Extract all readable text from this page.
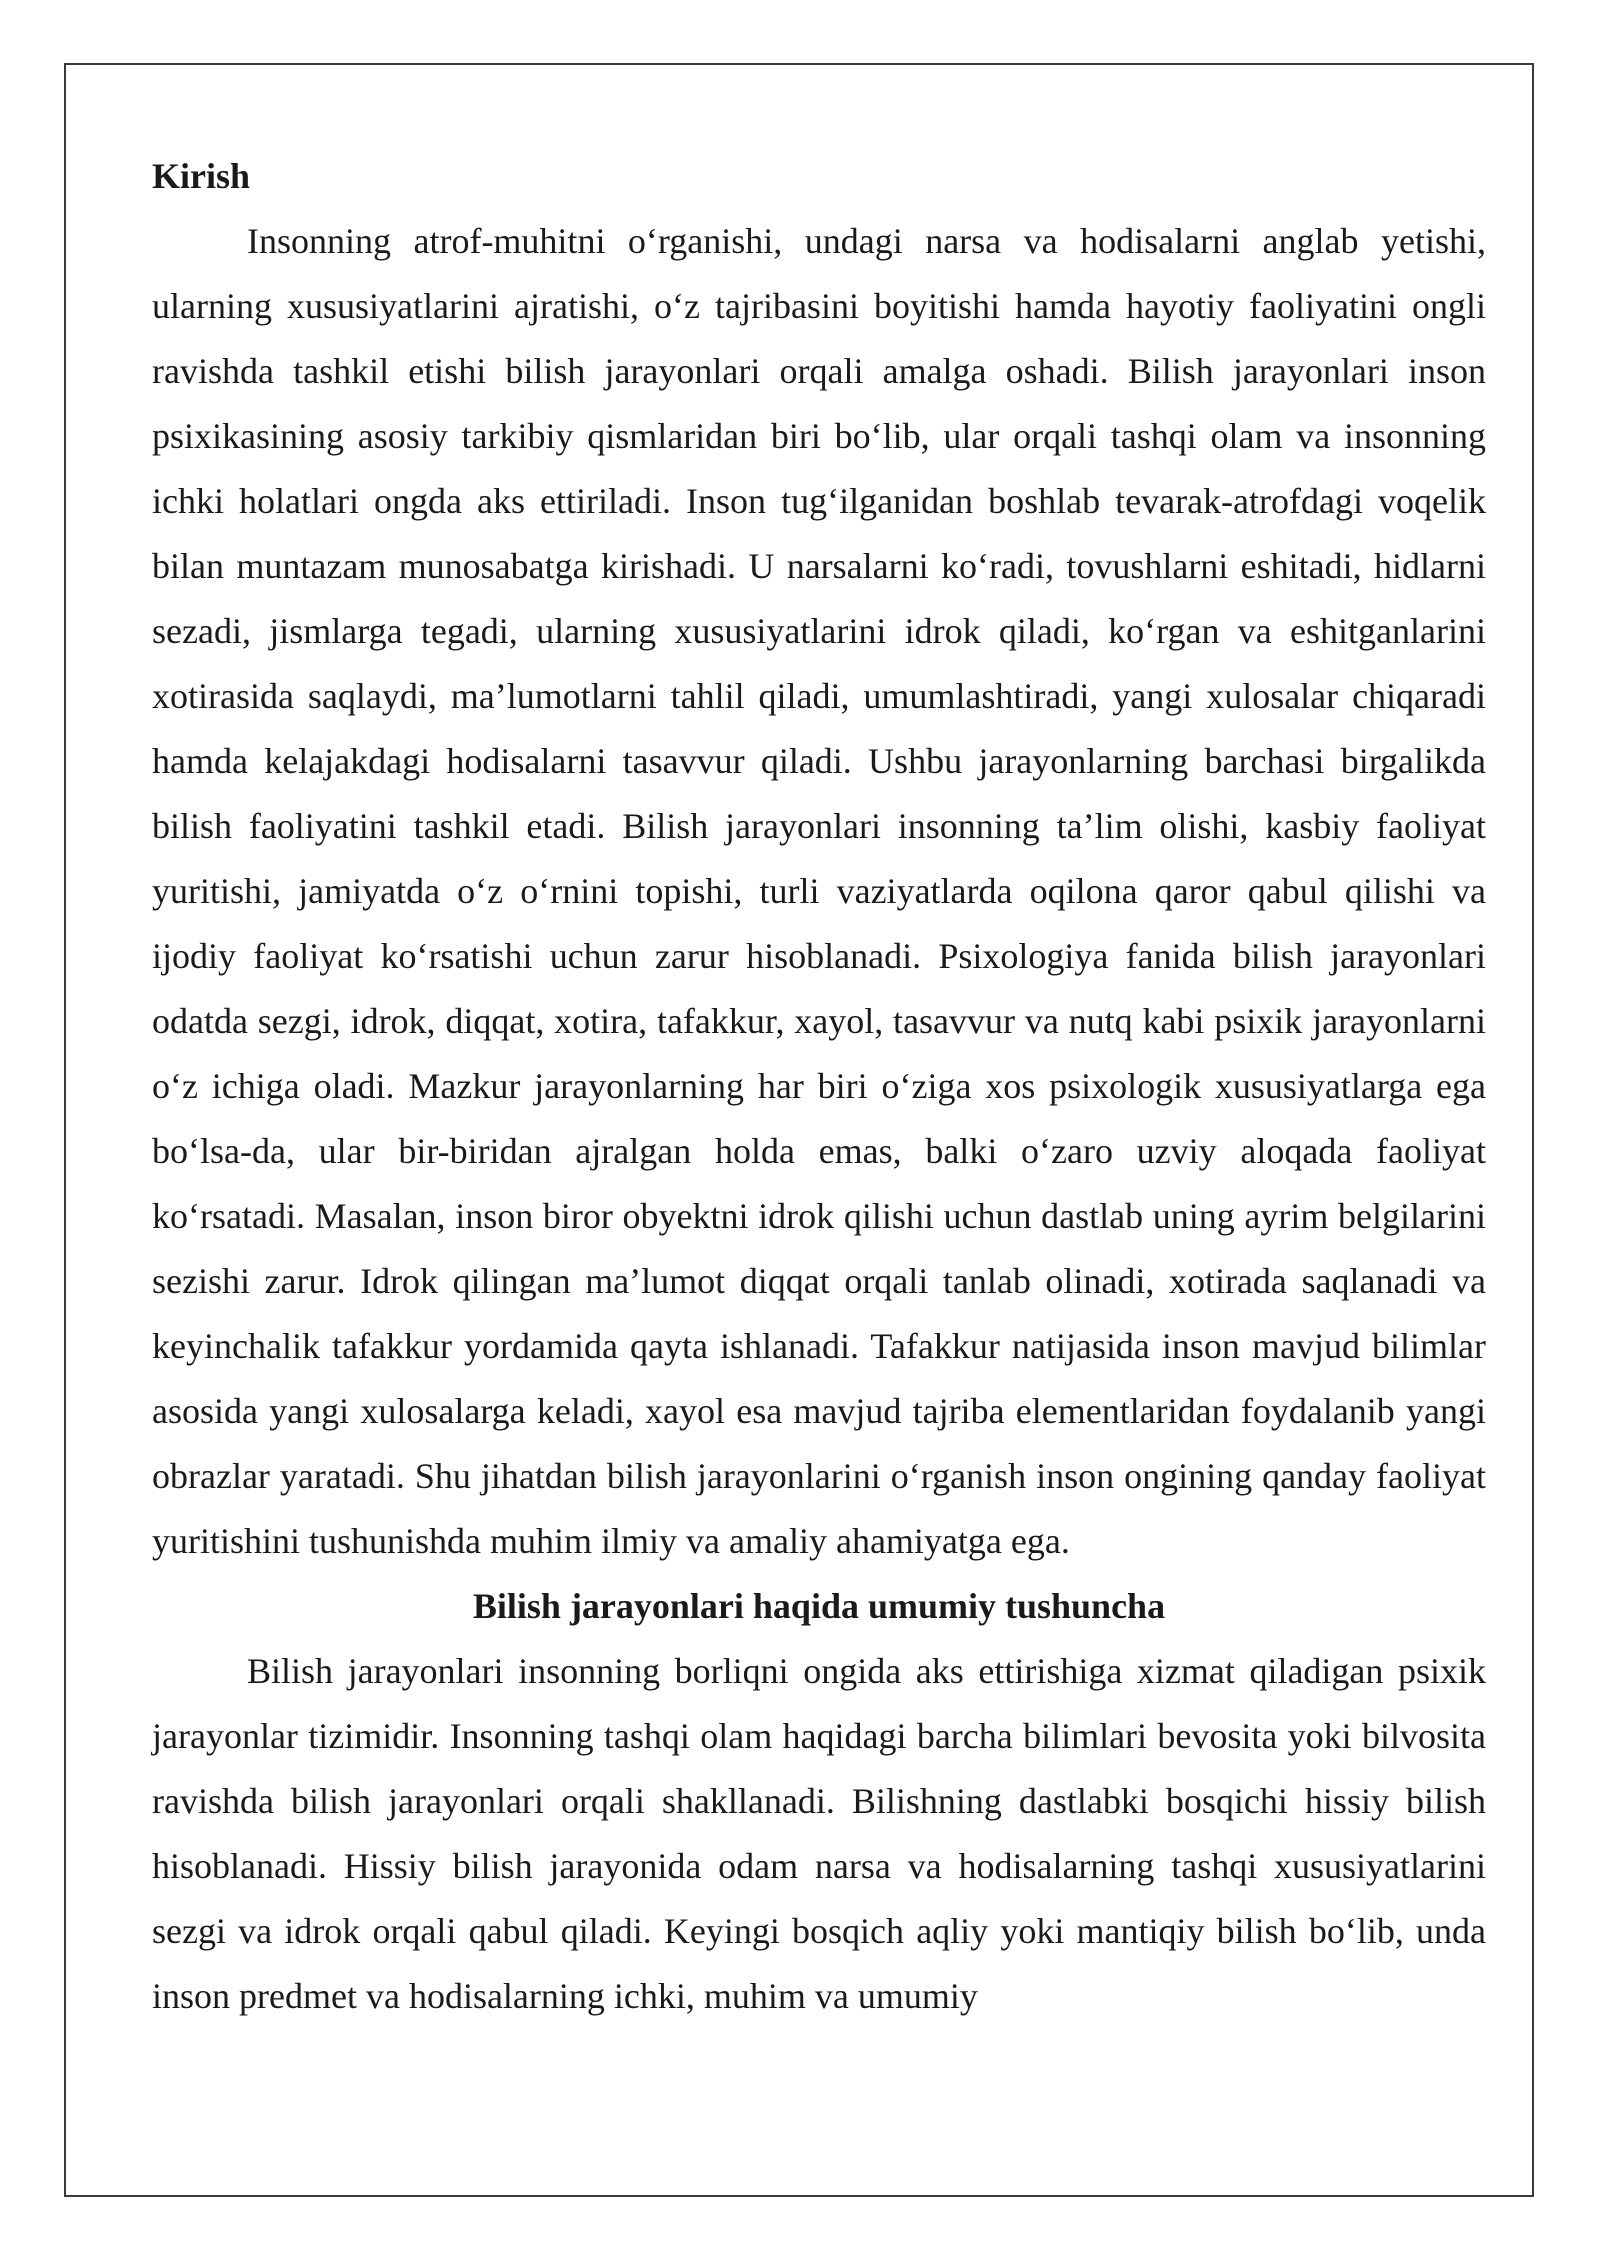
Kirish

Insonning atrof-muhitni o‘rganishi, undagi narsa va hodisalarni anglab yetishi, ularning xususiyatlarini ajratishi, o‘z tajribasini boyitishi hamda hayotiy faoliyatini ongli ravishda tashkil etishi bilish jarayonlari orqali amalga oshadi. Bilish jarayonlari inson psixikasining asosiy tarkibiy qismlaridan biri bo‘lib, ular orqali tashqi olam va insonning ichki holatlari ongda aks ettiriladi. Inson tug‘ilganidan boshlab tevarak-atrofdagi voqelik bilan muntazam munosabatga kirishadi. U narsalarni ko‘radi, tovushlarni eshitadi, hidlarni sezadi, jismlarga tegadi, ularning xususiyatlarini idrok qiladi, ko‘rgan va eshitganlarini xotirasida saqlaydi, ma’lumotlarni tahlil qiladi, umumlashtiradi, yangi xulosalar chiqaradi hamda kelajakdagi hodisalarni tasavvur qiladi. Ushbu jarayonlarning barchasi birgalikda bilish faoliyatini tashkil etadi. Bilish jarayonlari insonning ta’lim olishi, kasbiy faoliyat yuritishi, jamiyatda o‘z o‘rnini topishi, turli vaziyatlarda oqilona qaror qabul qilishi va ijodiy faoliyat ko‘rsatishi uchun zarur hisoblanadi. Psixologiya fanida bilish jarayonlari odatda sezgi, idrok, diqqat, xotira, tafakkur, xayol, tasavvur va nutq kabi psixik jarayonlarni o‘z ichiga oladi. Mazkur jarayonlarning har biri o‘ziga xos psixologik xususiyatlarga ega bo‘lsa-da, ular bir-biridan ajralgan holda emas, balki o‘zaro uzviy aloqada faoliyat ko‘rsatadi. Masalan, inson biror obyektni idrok qilishi uchun dastlab uning ayrim belgilarini sezishi zarur. Idrok qilingan ma’lumot diqqat orqali tanlab olinadi, xotirada saqlanadi va keyinchalik tafakkur yordamida qayta ishlanadi. Tafakkur natijasida inson mavjud bilimlar asosida yangi xulosalarga keladi, xayol esa mavjud tajriba elementlaridan foydalanib yangi obrazlar yaratadi. Shu jihatdan bilish jarayonlarini o‘rganish inson ongining qanday faoliyat yuritishini tushunishda muhim ilmiy va amaliy ahamiyatga ega.

Bilish jarayonlari haqida umumiy tushuncha

Bilish jarayonlari insonning borliqni ongida aks ettirishiga xizmat qiladigan psixik jarayonlar tizimidir. Insonning tashqi olam haqidagi barcha bilimlari bevosita yoki bilvosita ravishda bilish jarayonlari orqali shakllanadi. Bilishning dastlabki bosqichi hissiy bilish hisoblanadi. Hissiy bilish jarayonida odam narsa va hodisalarning tashqi xususiyatlarini sezgi va idrok orqali qabul qiladi. Keyingi bosqich aqliy yoki mantiqiy bilish bo‘lib, unda inson predmet va hodisalarning ichki, muhim va umumiy
